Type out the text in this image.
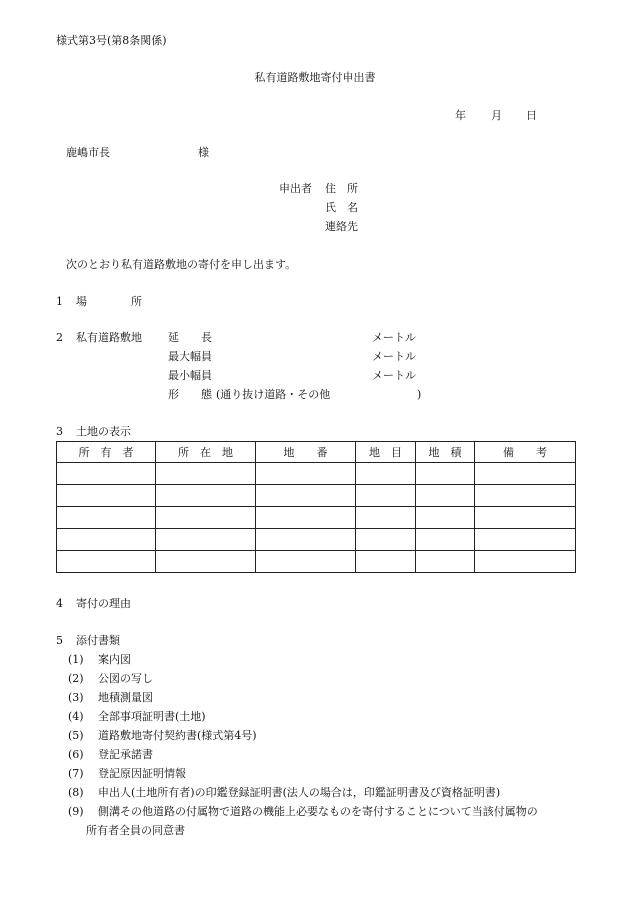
様式第3号(第8条関係)
私有道路敷地寄付申出書
年 月 日
鹿嶋市長	様
申出者 住　所
氏　名
連絡先
次のとおり私有道路敷地の寄付を申し出ます。
1 場　　　　所
2 私有道路敷地 延　　長	メートル
最大幅員	メートル
最小幅員	メートル
形　　態 (通り抜け道路・その他	)
3 土地の表示
所　有　者	所　在　地	地　　番	地　目	地　積	備　　考

4 寄付の理由
5 添付書類
(1) 案内図
(2) 公図の写し
(3) 地積測量図
(4) 全部事項証明書(土地)
(5) 道路敷地寄付契約書(様式第4号)
(6) 登記承諾書
(7) 登記原因証明情報
(8) 申出人(土地所有者)の印鑑登録証明書(法人の場合は，印鑑証明書及び資格証明書)
(9) 側溝その他道路の付属物で道路の機能上必要なものを寄付することについて当該付属物の
所有者全員の同意書
